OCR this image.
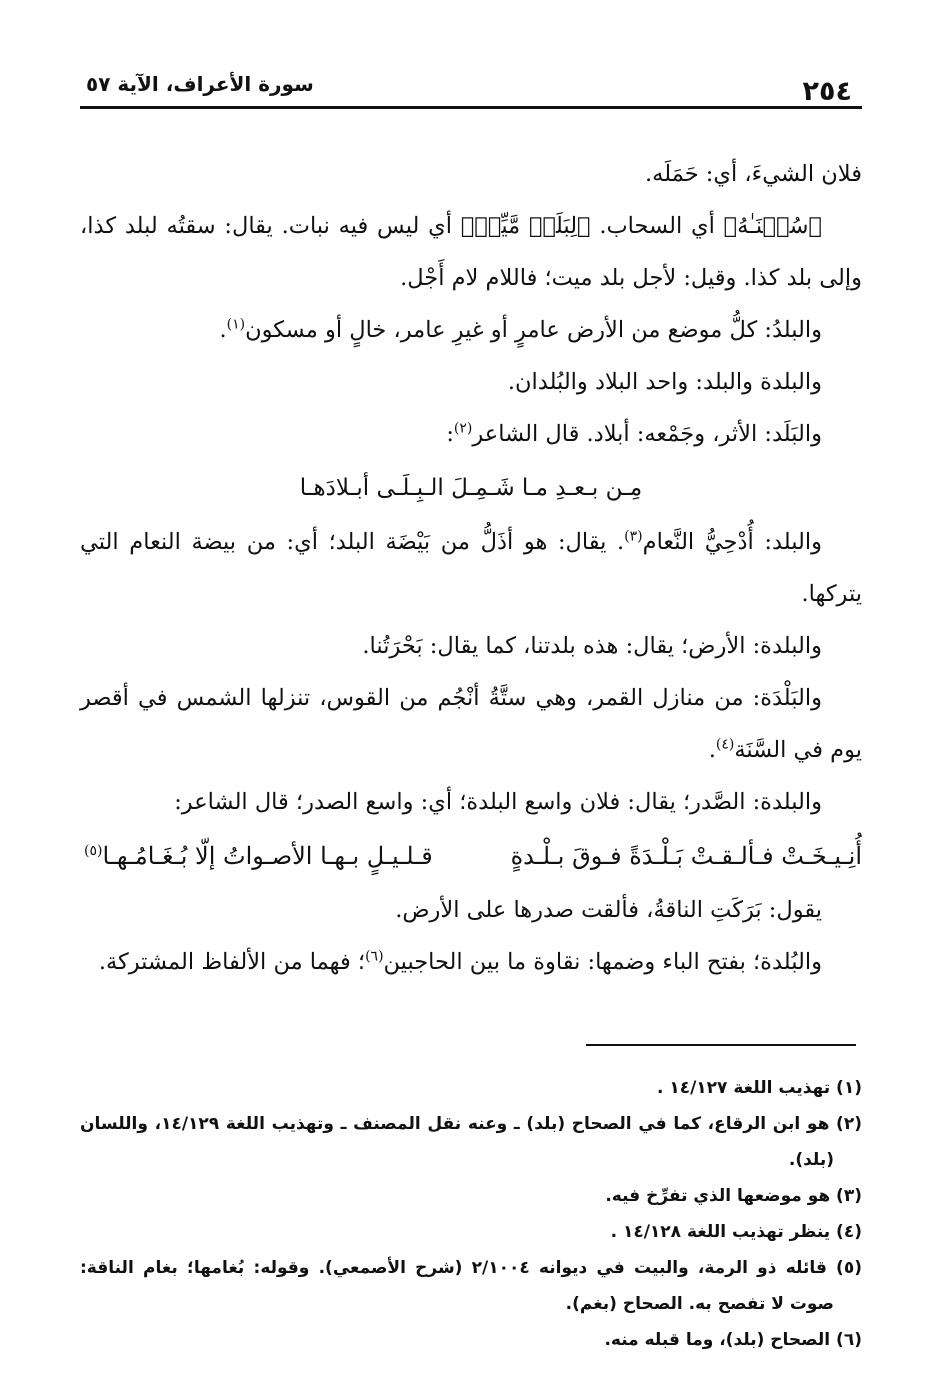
٢٥٤
سورة الأعراف، الآية ٥٧

فلان الشيءَ، أي: حَمَلَه.

﴿سُقۡنَـٰهُ﴾ أي السحاب. ﴿لِبَلَدٖ مَّيِّتٖ﴾ أي ليس فيه نبات. يقال: سقتُه لبلد كذا، وإلى بلد كذا. وقيل: لأجل بلد ميت؛ فاللام لام أَجْل.

والبلدُ: كلُّ موضع من الأرض عامرٍ أو غيرِ عامر، خالٍ أو مسكون$^{(١)}$.

والبلدة والبلد: واحد البلاد والبُلدان.

والبَلَد: الأثر، وجَمْعه: أبلاد. قال الشاعر$^{(٢)}$:

مِـن بـعـدِ مـا شَـمِـلَ الـبِـلَـى أبـلادَهـا

والبلد: أُدْحِيُّ النَّعام$^{(٣)}$. يقال: هو أذَلُّ من بَيْضَة البلد؛ أي: من بيضة النعام التي يتركها.

والبلدة: الأرض؛ يقال: هذه بلدتنا، كما يقال: بَحْرَتُنا.

والبَلْدَة: من منازل القمر، وهي ستَّةُ أنْجُم من القوس، تنزلها الشمس في أقصر يوم في السَّنَة$^{(٤)}$.

والبلدة: الصَّدر؛ يقال: فلان واسع البلدة؛ أي: واسع الصدر؛ قال الشاعر:

أُنِـيـخَـتْ فـألـقـتْ بَـلْـدَةً فـوقَ بـلْـدةٍ
قـلـيـلٍ بـهـا الأصـواتُ إلّا بُـغَـامُـهـا$^{(٥)}$

يقول: بَرَكَتِ الناقةُ، فألقت صدرها على الأرض.

والبُلدة؛ بفتح الباء وضمها: نقاوة ما بين الحاجبين$^{(٦)}$؛ فهما من الألفاظ المشتركة.

(١) تهذيب اللغة ١٤/١٢٧ .

(٢) هو ابن الرقاع، كما في الصحاح (بلد) ـ وعنه نقل المصنف ـ وتهذيب اللغة ١٤/١٢٩، واللسان (بلد).

(٣) هو موضعها الذي تفرِّخ فيه.

(٤) ينظر تهذيب اللغة ١٤/١٢٨ .

(٥) قائله ذو الرمة، والبيت في ديوانه ٢/١٠٠٤ (شرح الأصمعي). وقوله: بُغامها؛ بغام الناقة: صوت لا تفصح به. الصحاح (بغم).

(٦) الصحاح (بلد)، وما قبله منه.
